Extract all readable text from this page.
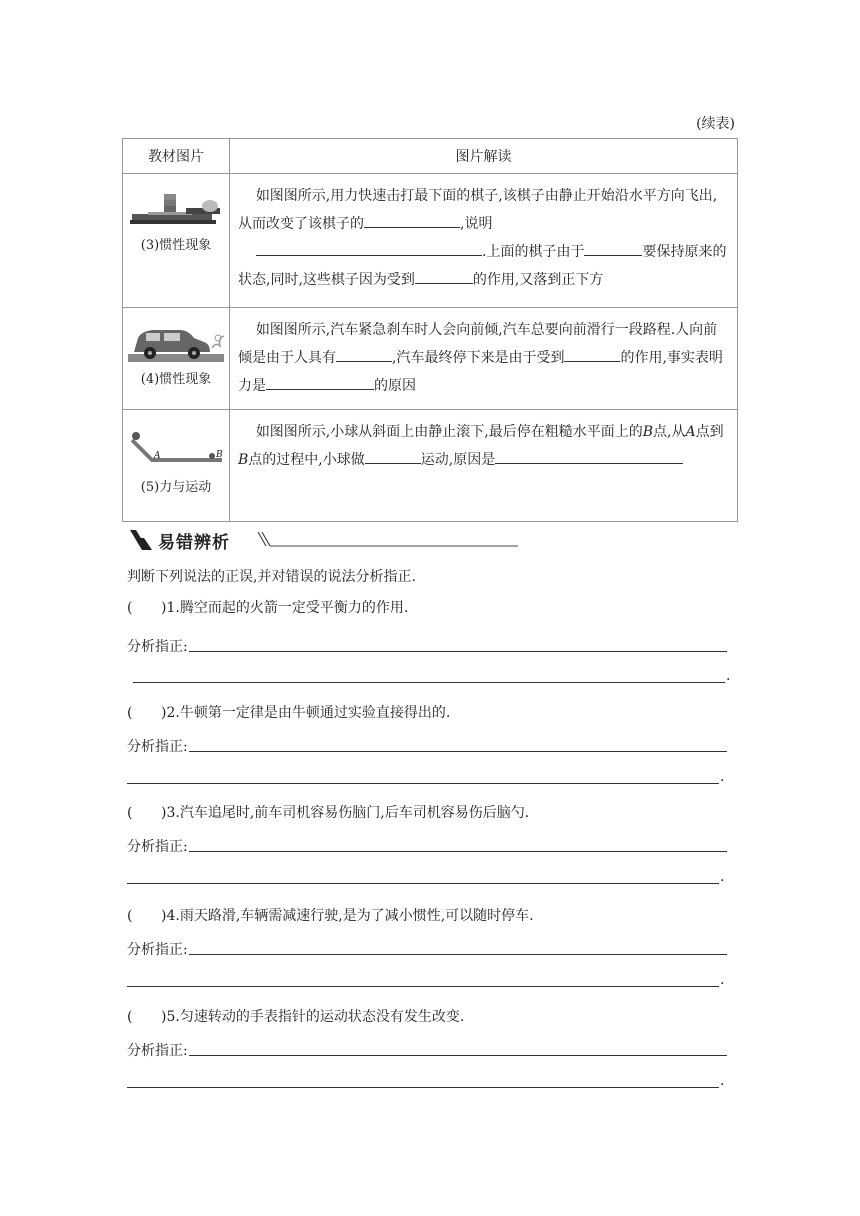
(续表)
教材图片	图片解读

(3)惯性现象	如图图所示,用力快速击打最下面的棋子,该棋子由静止开始沿水平方向飞出,从而改变了该棋子的 ,说明
.上面的棋子由于 要保持原来的
状态,同时,这些棋子因为受到 的作用,又落到正下方

(4)惯性现象	如图图所示,汽车紧急刹车时人会向前倾,汽车总要向前滑行一段路程.人向前倾是由于人具有 ,汽车最终停下来是由于受到 的作用,事实表明力是 的原因

A B
(5)力与运动	如图图所示,小球从斜面上由静止滚下,最后停在粗糙水平面上的B点,从A点到B点的过程中,小球做 运动,原因是
易错辨析
判断下列说法的正误,并对错误的说法分析指正.
( )1.腾空而起的火箭一定受平衡力的作用.
分析指正:
.
( )2.牛顿第一定律是由牛顿通过实验直接得出的.
分析指正:
.
( )3.汽车追尾时,前车司机容易伤脑门,后车司机容易伤后脑勺.
分析指正:
.
( )4.雨天路滑,车辆需减速行驶,是为了减小惯性,可以随时停车.
分析指正:
.
( )5.匀速转动的手表指针的运动状态没有发生改变.
分析指正:
.
